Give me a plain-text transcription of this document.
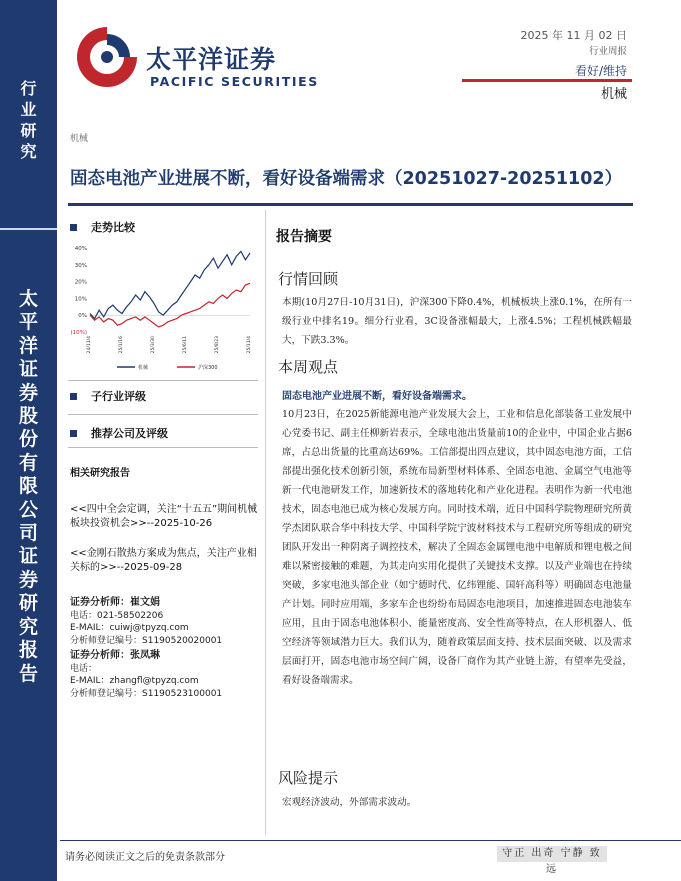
行
业
研
究
太
平
洋
证
券
股
份
有
限
公
司
证
券
研
究
报
告
太平洋证券
PACIFIC SECURITIES
2025 年 11 月 02 日
行业周报
看好/维持
机械
机械
固态电池产业进展不断，看好设备端需求（20251027-20251102）
走势比较
40%
30%
20%
10%
0%
(10%)
24/11/4	25/1/16	25/3/30	25/6/11	25/8/23	25/11/4
机械	沪深300
子行业评级
推荐公司及评级
相关研究报告
<<四中全会定调，关注“十五五”期间机械板块投资机会>>--2025-10-26
<<金刚石散热方案成为焦点，关注产业相关标的>>--2025-09-28
证券分析师：崔文娟
电话：021-58502206
E-MAIL：cuiwj@tpyzq.com
分析师登记编号：S1190520020001
证券分析师：张凤琳
电话：
E-MAIL：zhangfl@tpyzq.com
分析师登记编号：S1190523100001
报告摘要
行情回顾
本期(10月27日-10月31日)，沪深300下降0.4%，机械板块上涨0.1%，在所有一级行业中排名19。细分行业看，3C设备涨幅最大，上涨4.5%；工程机械跌幅最大，下跌3.3%。
本周观点
固态电池产业进展不断，看好设备端需求。
10月23日，在2025新能源电池产业发展大会上，工业和信息化部装备工业发展中心党委书记、副主任柳新岩表示，全球电池出货量前10的企业中，中国企业占据6席，占总出货量的比重高达69%。工信部提出四点建议，其中固态电池方面，工信部提出强化技术创新引领，系统布局新型材料体系、全固态电池、金属空气电池等新一代电池研发工作，加速新技术的落地转化和产业化进程。表明作为新一代电池技术，固态电池已成为核心发展方向。同时技术端，近日中国科学院物理研究所黄学杰团队联合华中科技大学、中国科学院宁波材料技术与工程研究所等组成的研究团队开发出一种阴离子调控技术，解决了全固态金属锂电池中电解质和锂电极之间难以紧密接触的难题，为其走向实用化提供了关键技术支撑。以及产业端也在持续突破，多家电池头部企业（如宁德时代、亿纬锂能、国轩高科等）明确固态电池量产计划。同时应用端，多家车企也纷纷布局固态电池项目，加速推进固态电池装车应用，且由于固态电池体积小、能量密度高、安全性高等特点，在人形机器人、低空经济等领域潜力巨大。我们认为，随着政策层面支持、技术层面突破、以及需求层面打开，固态电池市场空间广阔，设备厂商作为其产业链上游，有望率先受益，看好设备端需求。
风险提示
宏观经济波动，外部需求波动。
请务必阅读正文之后的免责条款部分	守正 出奇 宁静 致远
